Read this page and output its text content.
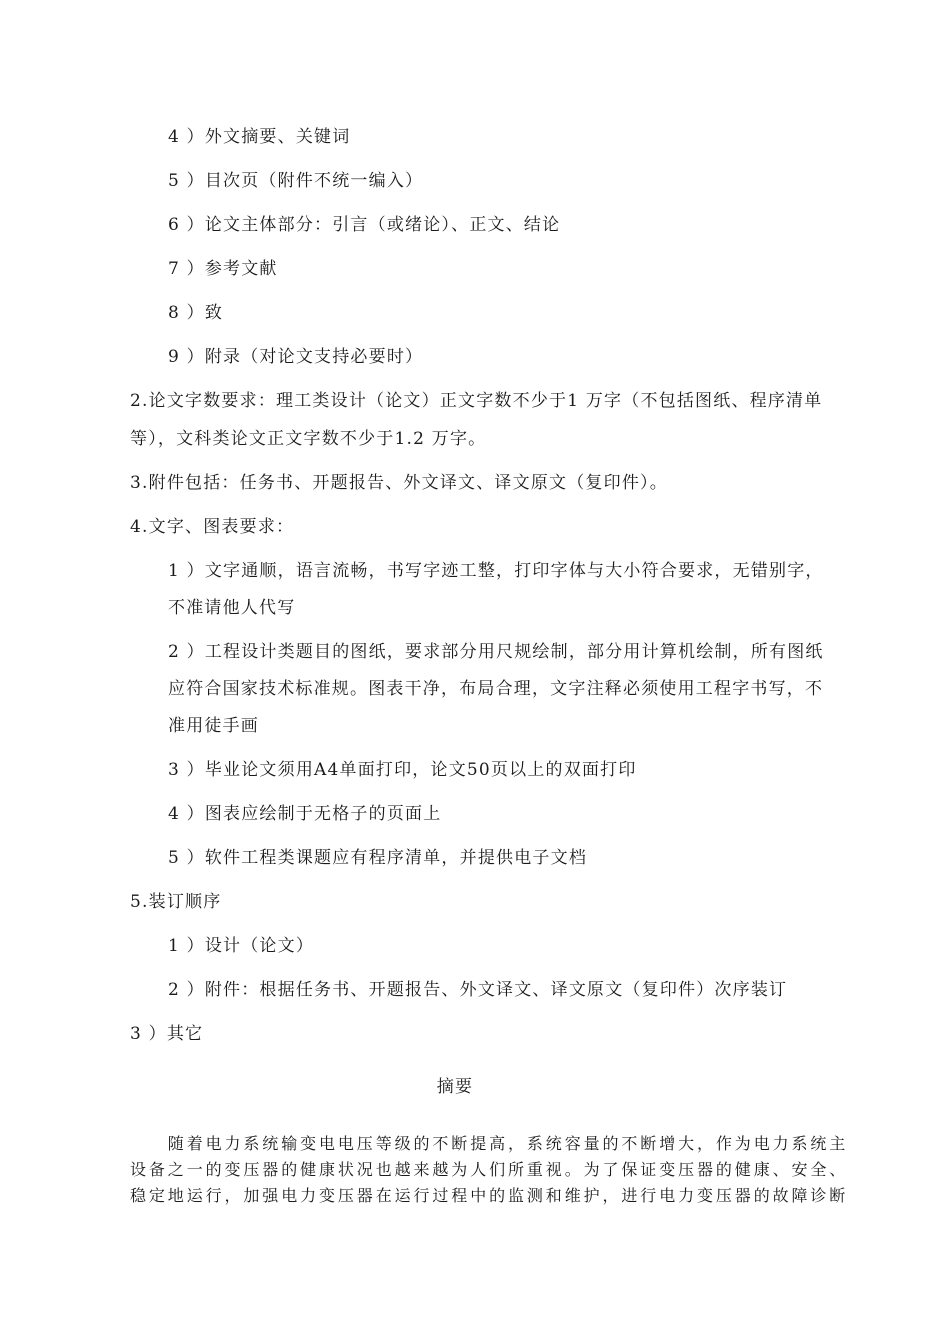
4 ）外文摘要、关键词
5 ）目次页（附件不统一编入）
6 ）论文主体部分：引言（或绪论）、正文、结论
7 ）参考文献
8 ）致
9 ）附录（对论文支持必要时）
2.论文字数要求：理工类设计（论文）正文字数不少于1 万字（不包括图纸、程序清单
等），文科类论文正文字数不少于1.2 万字。
3.附件包括：任务书、开题报告、外文译文、译文原文（复印件）。
4.文字、图表要求：
1 ）文字通顺，语言流畅，书写字迹工整，打印字体与大小符合要求，无错别字，
不准请他人代写
2 ）工程设计类题目的图纸，要求部分用尺规绘制，部分用计算机绘制，所有图纸
应符合国家技术标准规。图表干净，布局合理，文字注释必须使用工程字书写，不
准用徒手画
3 ）毕业论文须用A4单面打印，论文50页以上的双面打印
4 ）图表应绘制于无格子的页面上
5 ）软件工程类课题应有程序清单，并提供电子文档
5.装订顺序
1 ）设计（论文）
2 ）附件：根据任务书、开题报告、外文译文、译文原文（复印件）次序装订
3 ）其它
摘要
　　随着电力系统输变电电压等级的不断提高，系统容量的不断增大，作为电力系统主
设备之一的变压器的健康状况也越来越为人们所重视。为了保证变压器的健康、安全、
稳定地运行，加强电力变压器在运行过程中的监测和维护，进行电力变压器的故障诊断
